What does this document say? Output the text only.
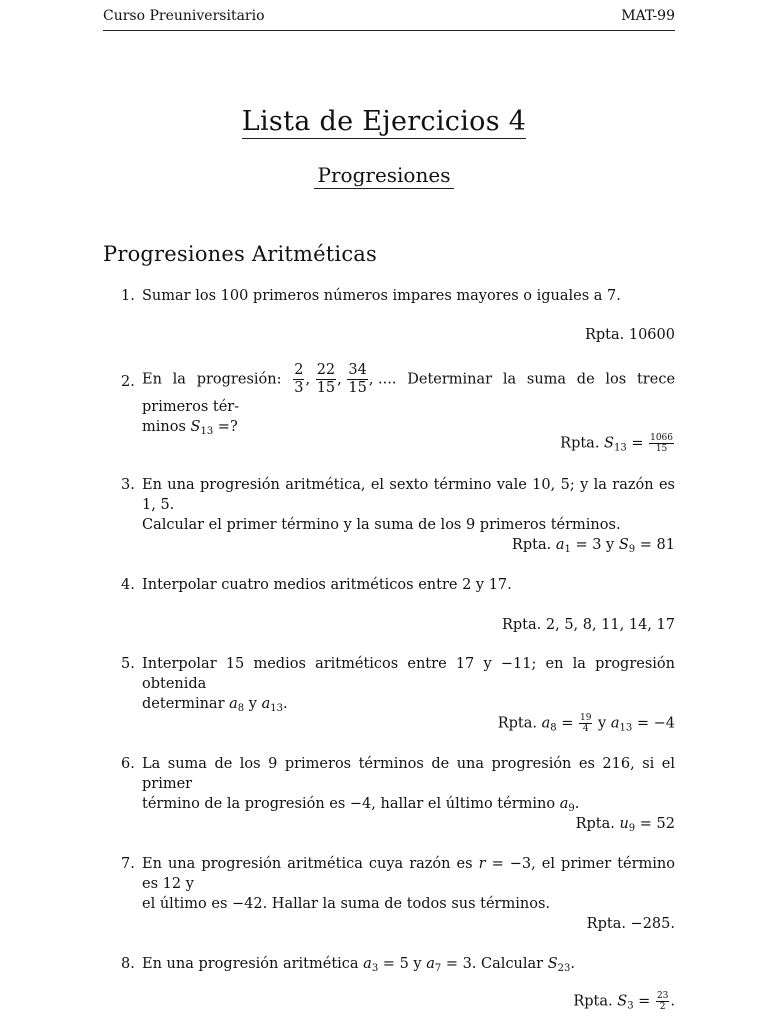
Curso Preuniversitario	MAT-99
Lista de Ejercicios 4
Progresiones
Progresiones Aritméticas
1. Sumar los 100 primeros números impares mayores o iguales a 7.
Rpta. 10600
2. En la progresión: $\frac{2}{3}$ , $\frac{22}{15}$ , $\frac{34}{15}$ , .... Determinar la suma de los trece primeros tér-
minos $S_{13}$ =?
Rpta. $S_{13} = \frac{1066}{15}$
3. En una progresión aritmética, el sexto término vale 10, 5; y la razón es 1, 5.
Calcular el primer término y la suma de los 9 primeros términos.
Rpta. $a_1 = 3$ y $S_9 = 81$
4. Interpolar cuatro medios aritméticos entre 2 y 17.
Rpta. 2, 5, 8, 11, 14, 17
5. Interpolar 15 medios aritméticos entre 17 y −11; en la progresión obtenida
determinar $a_8$ y $a_{13}$.
Rpta. $a_8 = \frac{19}{4}$ y $a_{13} = -4$
6. La suma de los 9 primeros términos de una progresión es 216, si el primer
término de la progresión es −4, hallar el último término $a_9$.
Rpta. $u_9 = 52$
7. En una progresión aritmética cuya razón es r = −3, el primer término es 12 y
el último es −42. Hallar la suma de todos sus términos.
Rpta. −285.
8. En una progresión aritmética $a_3 = 5$ y $a_7 = 3$. Calcular $S_{23}$.
Rpta. $S_3 = \frac{23}{2}$ .
